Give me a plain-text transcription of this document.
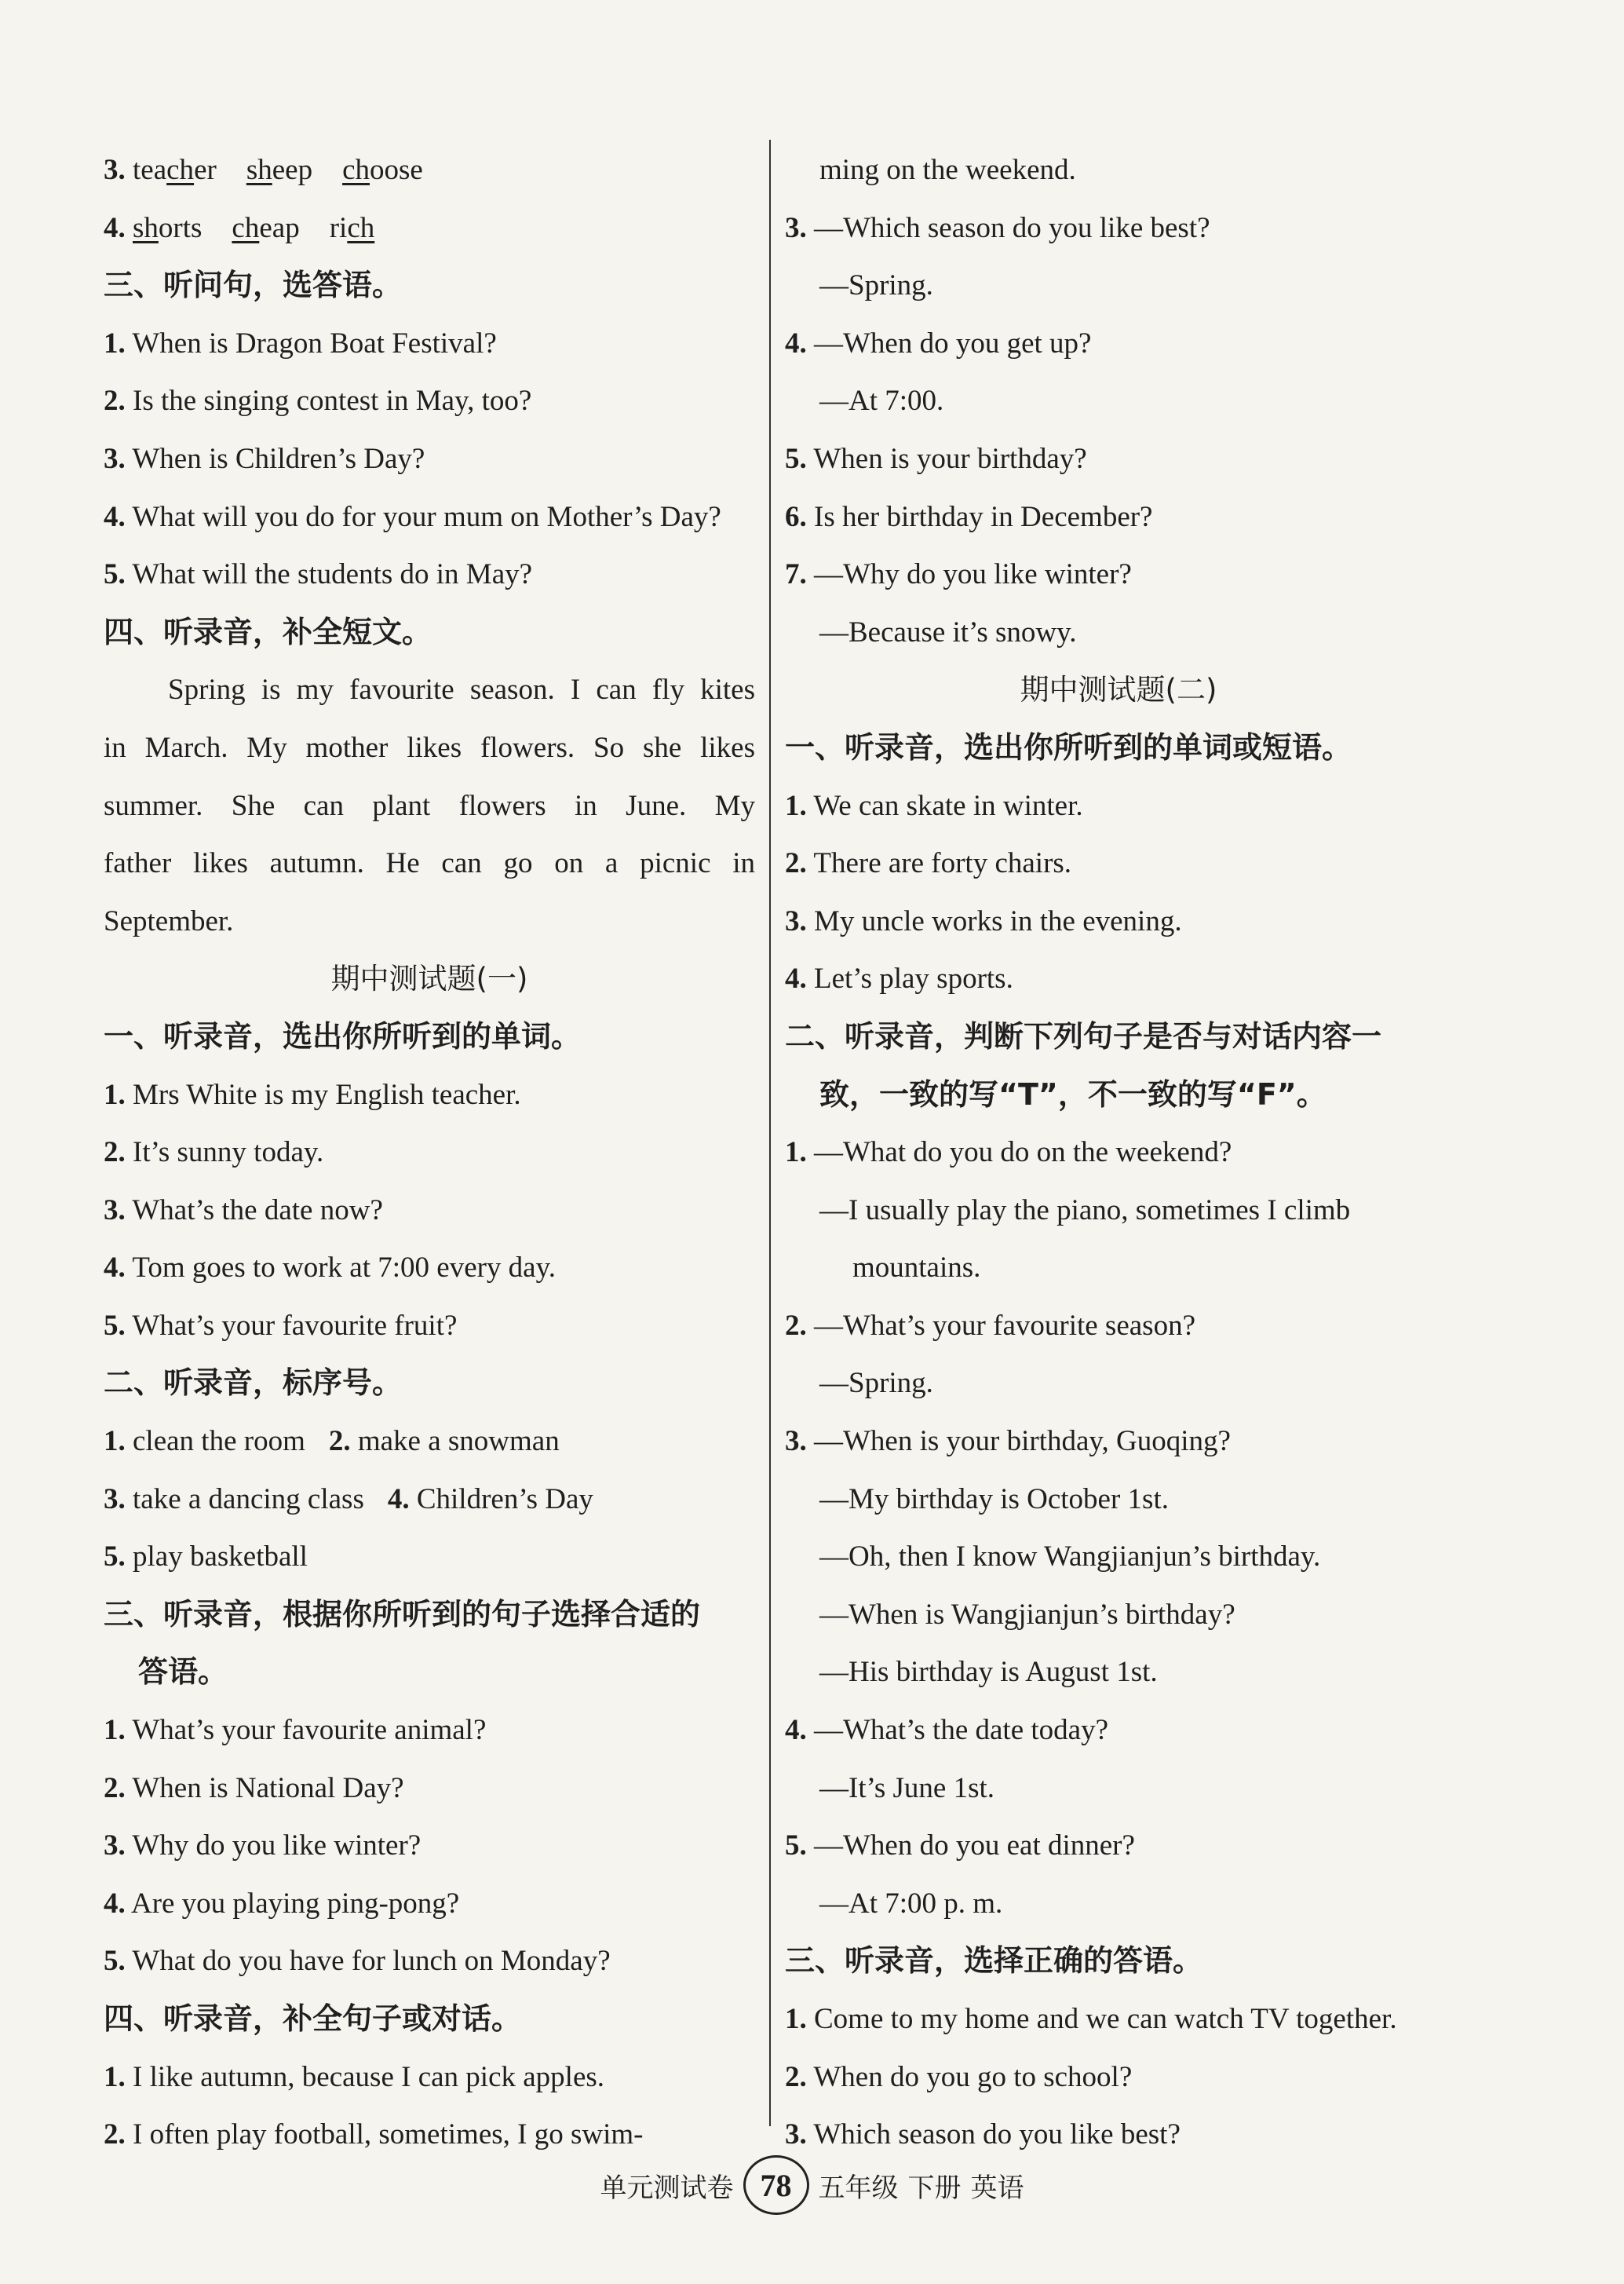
3. teacher sheep choose
4. shorts cheap rich
三、听问句，选答语。
1. When is Dragon Boat Festival?
2. Is the singing contest in May, too?
3. When is Children’s Day?
4. What will you do for your mum on Mother’s Day?
5. What will the students do in May?
四、听录音，补全短文。
Spring is my favourite season. I can fly kites
in March. My mother likes flowers. So she likes
summer. She can plant flowers in June. My
father likes autumn. He can go on a picnic in
September.
期中测试题(一)
一、听录音，选出你所听到的单词。
1. Mrs White is my English teacher.
2. It’s sunny today.
3. What’s the date now?
4. Tom goes to work at 7:00 every day.
5. What’s your favourite fruit?
二、听录音，标序号。
1. clean the room 2. make a snowman
3. take a dancing class 4. Children’s Day
5. play basketball
三、听录音，根据你所听到的句子选择合适的
答语。
1. What’s your favourite animal?
2. When is National Day?
3. Why do you like winter?
4. Are you playing ping-pong?
5. What do you have for lunch on Monday?
四、听录音，补全句子或对话。
1. I like autumn, because I can pick apples.
2. I often play football, sometimes, I go swim-
ming on the weekend.
3. —Which season do you like best?
—Spring.
4. —When do you get up?
—At 7:00.
5. When is your birthday?
6. Is her birthday in December?
7. —Why do you like winter?
—Because it’s snowy.
期中测试题(二)
一、听录音，选出你所听到的单词或短语。
1. We can skate in winter.
2. There are forty chairs.
3. My uncle works in the evening.
4. Let’s play sports.
二、听录音，判断下列句子是否与对话内容一
致，一致的写“T”，不一致的写“F”。
1. —What do you do on the weekend?
—I usually play the piano, sometimes I climb
mountains.
2. —What’s your favourite season?
—Spring.
3. —When is your birthday, Guoqing?
—My birthday is October 1st.
—Oh, then I know Wangjianjun’s birthday.
—When is Wangjianjun’s birthday?
—His birthday is August 1st.
4. —What’s the date today?
—It’s June 1st.
5. —When do you eat dinner?
—At 7:00 p. m.
三、听录音，选择正确的答语。
1. Come to my home and we can watch TV together.
2. When do you go to school?
3. Which season do you like best?
单元测试卷 78	五年级 下册 英语
